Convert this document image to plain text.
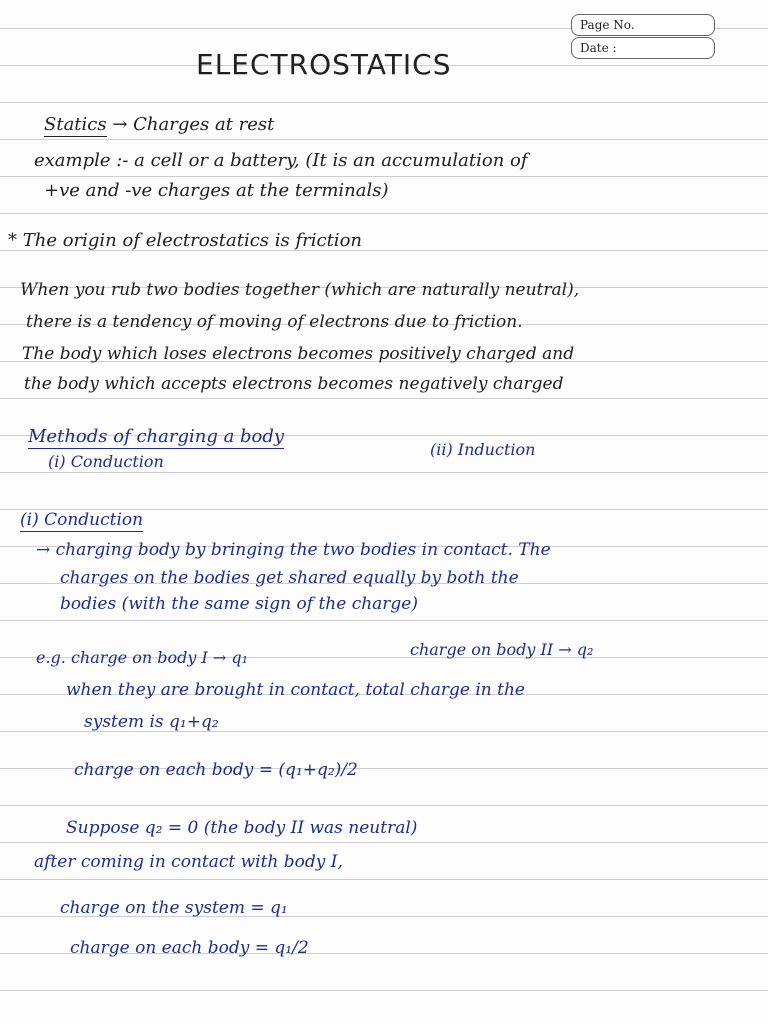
Page No.
Date :
ELECTROSTATICS
Statics → Charges at rest
example :- a cell or a battery, (It is an accumulation of
+ve and -ve charges at the terminals)
* The origin of electrostatics is friction
When you rub two bodies together (which are naturally neutral),
there is a tendency of moving of electrons due to friction.
The body which loses electrons becomes positively charged and
the body which accepts electrons becomes negatively charged
Methods of charging a body
(i) Conduction
(ii) Induction
(i) Conduction
→ charging body by bringing the two bodies in contact. The
charges on the bodies get shared equally by both the
bodies (with the same sign of the charge)
e.g. charge on body I → q₁	charge on body II → q₂
when they are brought in contact, total charge in the
system is q₁+q₂
charge on each body = (q₁+q₂)/2
Suppose q₂ = 0 (the body II was neutral)
after coming in contact with body I,
charge on the system = q₁
charge on each body = q₁/2
